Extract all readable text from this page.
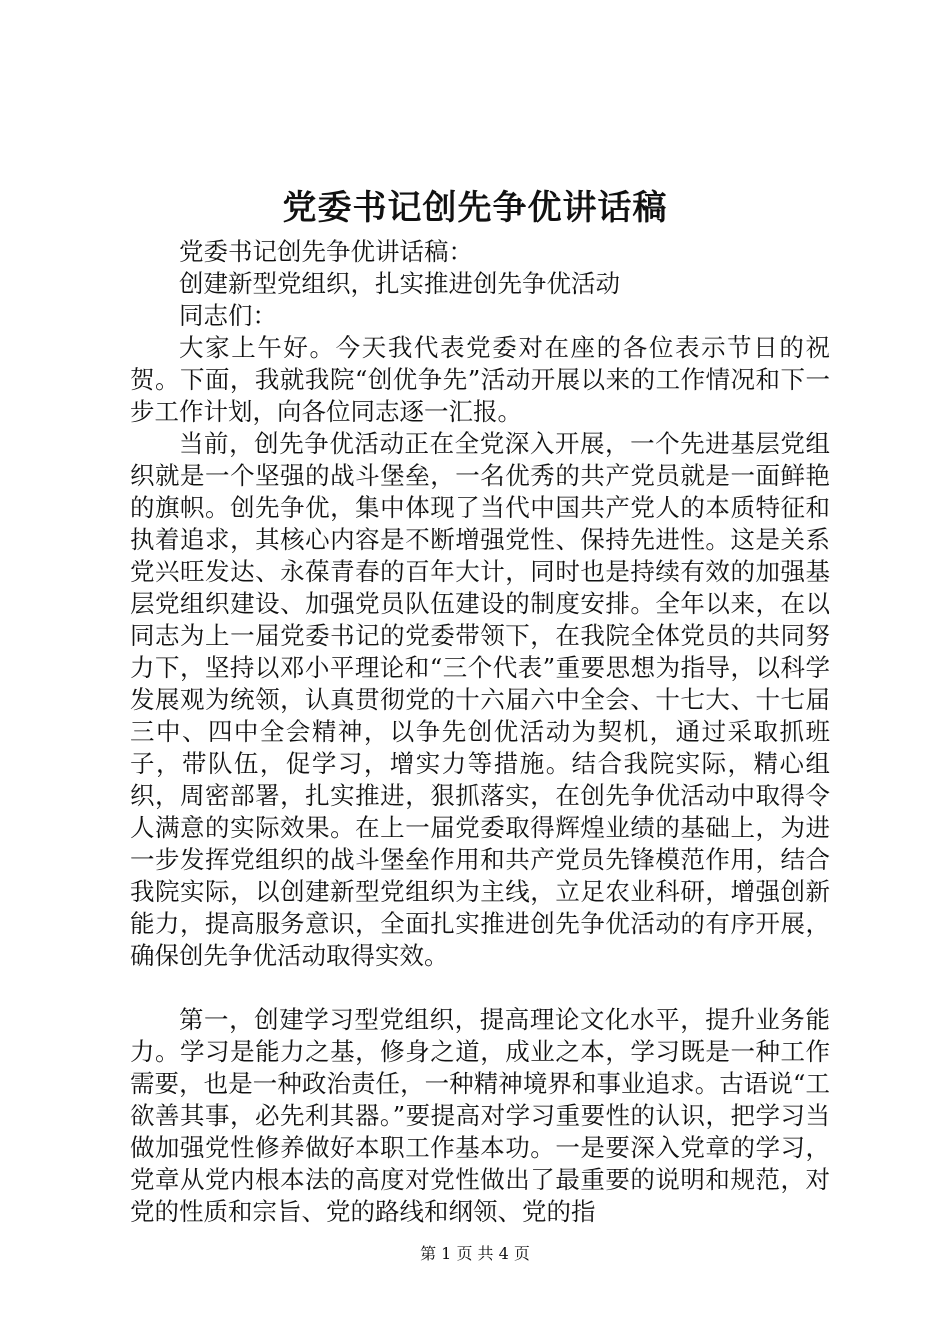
党委书记创先争优讲话稿

党委书记创先争优讲话稿：

创建新型党组织，扎实推进创先争优活动

同志们：

大家上午好。今天我代表党委对在座的各位表示节日的祝贺。下面，我就我院“创优争先”活动开展以来的工作情况和下一步工作计划，向各位同志逐一汇报。

当前，创先争优活动正在全党深入开展，一个先进基层党组织就是一个坚强的战斗堡垒，一名优秀的共产党员就是一面鲜艳的旗帜。创先争优，集中体现了当代中国共产党人的本质特征和执着追求，其核心内容是不断增强党性、保持先进性。这是关系党兴旺发达、永葆青春的百年大计，同时也是持续有效的加强基层党组织建设、加强党员队伍建设的制度安排。全年以来，在以同志为上一届党委书记的党委带领下，在我院全体党员的共同努力下，坚持以邓小平理论和“三个代表”重要思想为指导，以科学发展观为统领，认真贯彻党的十六届六中全会、十七大、十七届三中、四中全会精神，以争先创优活动为契机，通过采取抓班子，带队伍，促学习，增实力等措施。结合我院实际，精心组织，周密部署，扎实推进，狠抓落实，在创先争优活动中取得令人满意的实际效果。在上一届党委取得辉煌业绩的基础上，为进一步发挥党组织的战斗堡垒作用和共产党员先锋模范作用，结合我院实际，以创建新型党组织为主线，立足农业科研，增强创新能力，提高服务意识，全面扎实推进创先争优活动的有序开展，确保创先争优活动取得实效。

第一，创建学习型党组织，提高理论文化水平，提升业务能力。学习是能力之基，修身之道，成业之本，学习既是一种工作需要，也是一种政治责任，一种精神境界和事业追求。古语说“工欲善其事，必先利其器。”要提高对学习重要性的认识，把学习当做加强党性修养做好本职工作基本功。一是要深入党章的学习，党章从党内根本法的高度对党性做出了最重要的说明和规范，对党的性质和宗旨、党的路线和纲领、党的指

第 1 页 共 4 页
